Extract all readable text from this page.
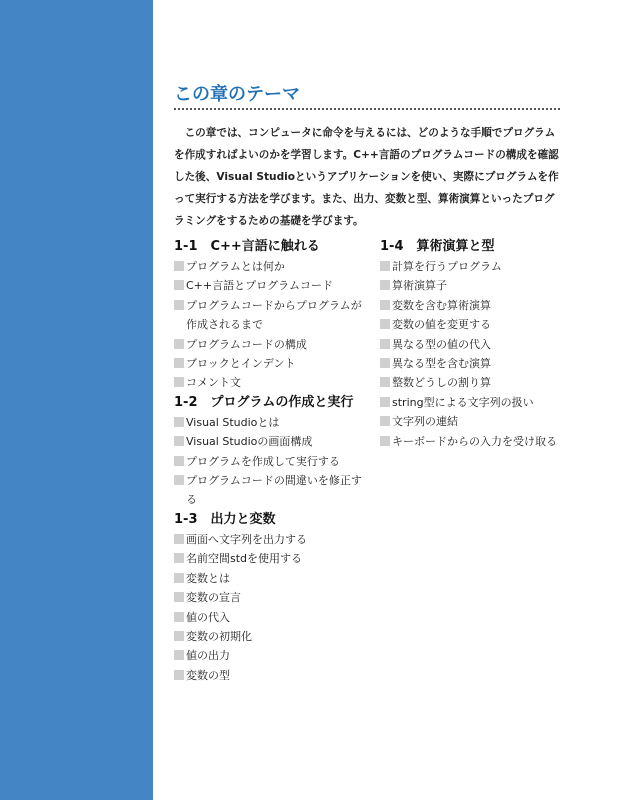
この章のテーマ

この章では、コンピュータに命令を与えるには、どのような手順でプログラムを作成すればよいのかを学習します。C++言語のプログラムコードの構成を確認した後、Visual Studioというアプリケーションを使い、実際にプログラムを作って実行する方法を学びます。また、出力、変数と型、算術演算といったプログラミングをするための基礎を学びます。

1-1　C++言語に触れる
プログラムとは何か
C++言語とプログラムコード
プログラムコードからプログラムが作成されるまで
プログラムコードの構成
ブロックとインデント
コメント文
1-2　プログラムの作成と実行
Visual Studioとは
Visual Studioの画面構成
プログラムを作成して実行する
プログラムコードの間違いを修正する
1-3　出力と変数
画面へ文字列を出力する
名前空間stdを使用する
変数とは
変数の宣言
値の代入
変数の初期化
値の出力
変数の型
1-4　算術演算と型
計算を行うプログラム
算術演算子
変数を含む算術演算
変数の値を変更する
異なる型の値の代入
異なる型を含む演算
整数どうしの割り算
string型による文字列の扱い
文字列の連結
キーボードからの入力を受け取る
